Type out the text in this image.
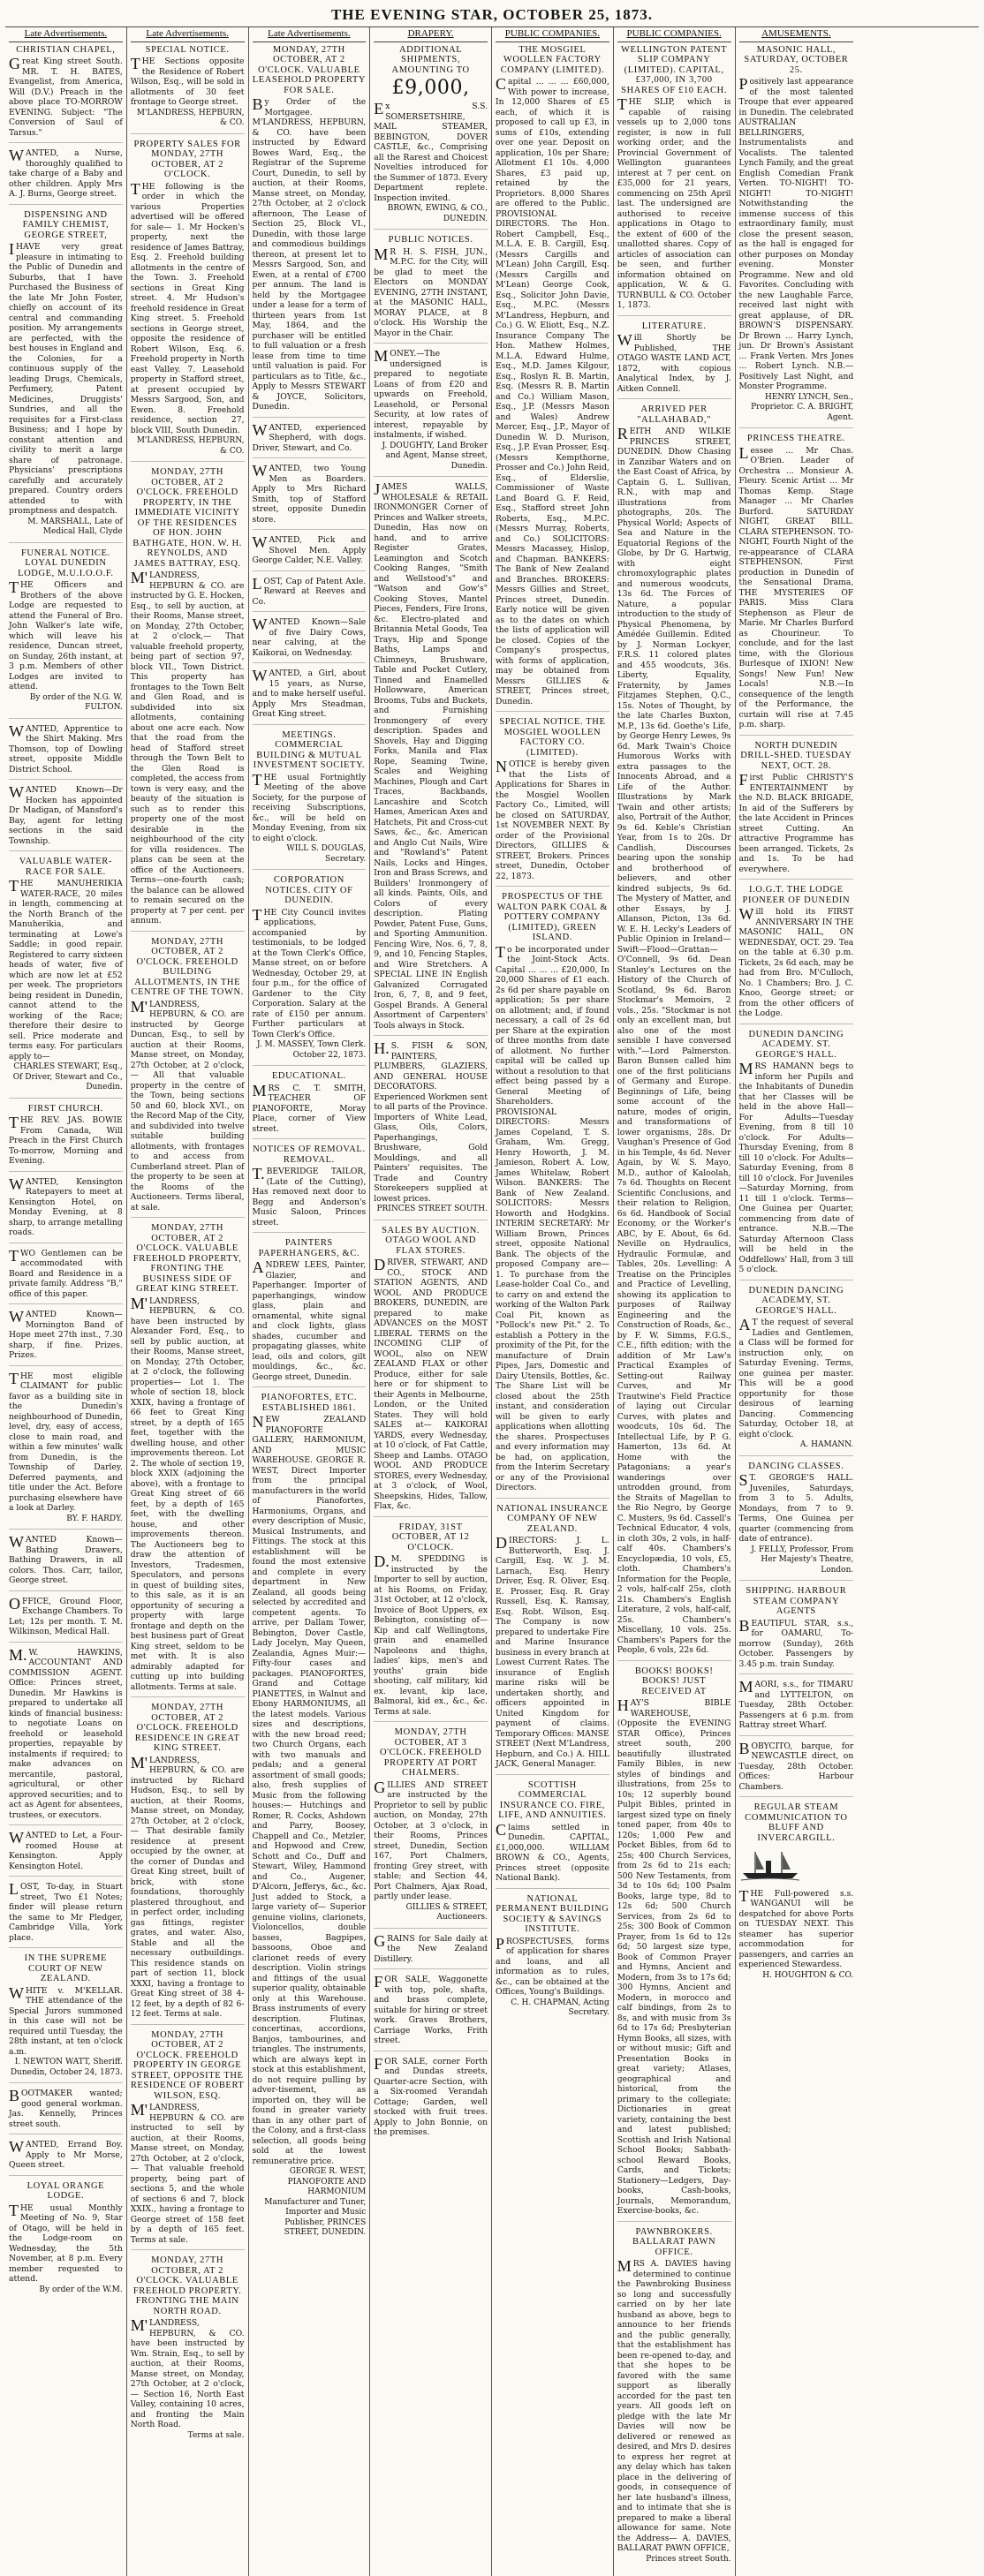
THE EVENING STAR, OCTOBER 25, 1873.
Late Advertisements.
CHRISTIAN CHAPEL,
Great King street South. MR. T. H. BATES, Evangelist, from America, Will (D.V.) Preach in the above place TO-MORROW EVENING. Subject: "The Conversion of Saul of Tarsus."
WANTED, a Nurse, thoroughly qualified to take charge of a Baby and other children. Apply Mrs A. J. Burns, George street.
DISPENSING AND FAMILY CHEMIST, GEORGE STREET,
IHAVE very great pleasure in intimating to the Public of Dunedin and Suburbs, that I have Purchased the Business of the late Mr John Foster, chiefly on account of its central and commanding position. My arrangements are perfected, with the best houses in England and the Colonies, for a continuous supply of the leading Drugs, Chemicals, Perfumery, Patent Medicines, Druggists' Sundries, and all the requisites for a First-class Business; and I hope by constant attention and civility to merit a large share of patronage. Physicians' prescriptions carefully and accurately prepared. Country orders attended to with promptness and despatch.
M. MARSHALL, Late of Medical Hall, Clyde
FUNERAL NOTICE. LOYAL DUNEDIN LODGE, M.U.I.O.O.F.
THE Officers and Brothers of the above Lodge are requested to attend the Funeral of Bro. John Walker's late wife, which will leave his residence, Duncan street, on Sunday, 26th instant, at 3 p.m. Members of other Lodges are invited to attend.
By order of the N.G. W. FULTON.
WANTED, Apprentice to the Shirt Making. Mrs Thomson, top of Dowling street, opposite Middle District School.
WANTED Known—Dr Hocken has appointed Dr Madigan, of Mansford's Bay, agent for letting sections in the said Township.
VALUABLE WATER-RACE FOR SALE.
THE MANUHERIKIA WATER-RACE, 20 miles in length, commencing at the North Branch of the Manuherikia, and terminating at Lowe's Saddle; in good repair. Registered to carry sixteen heads of water, five of which are now let at £52 per week. The proprietors being resident in Dunedin, cannot attend to the working of the Race; therefore their desire to sell. Price moderate and terms easy. For particulars apply to—
CHARLES STEWART, Esq., Of Driver, Stewart and Co., Dunedin.
FIRST CHURCH.
THE REV. JAS. BOWIE From Canada, Will Preach in the First Church To-morrow, Morning and Evening.
WANTED, Kensington Ratepayers to meet at Kensington Hotel, on Monday Evening, at 8 sharp, to arrange metalling roads.
TWO Gentlemen can be accommodated with Board and Residence in a private family. Address "B," office of this paper.
WANTED Known—Mornington Band of Hope meet 27th inst., 7.30 sharp, if fine. Prizes. Prizes.
THE most eligible CLAIMANT for public favor as a building site in the Dunedin's neighbourhood of Dunedin, level, dry, easy of access, close to main road, and within a few minutes' walk from Dunedin, is the Township of Darley. Deferred payments, and title under the Act. Before purchasing elsewhere have a look at Darley.
BY. F. HARDY.
WANTED Known—Bathing Drawers, Bathing Drawers, in all colors. Thos. Carr, tailor, George street.
OFFICE, Ground Floor, Exchange Chambers. To Let; 12s per month. T. M. Wilkinson, Medical Hall.
M.W. HAWKINS, ACCOUNTANT AND COMMISSION AGENT. Office: Princes street, Dunedin. Mr Hawkins is prepared to undertake all kinds of financial business: to negotiate Loans on freehold or leasehold properties, repayable by instalments if required; to make advances on mercantile, pastoral, agricultural, or other approved securities; and to act as Agent for absentees, trustees, or executors.
WANTED to Let, a Four-roomed House at Kensington. Apply Kensington Hotel.
LOST, To-day, in Stuart street, Two £1 Notes; finder will please return the same to Mr Pledger, Cambridge Villa, York place.
IN THE SUPREME COURT OF NEW ZEALAND.
WHITE v. M'KELLAR. THE attendance of the Special Jurors summoned in this case will not be required until Tuesday, the 28th instant, at ten o'clock a.m.
I. NEWTON WATT, Sheriff. Dunedin, October 24, 1873.
BOOTMAKER wanted; good general workman. Jas. Kennelly, Princes street south.
WANTED, Errand Boy. Apply to Mr Morse, Queen street.
LOYAL ORANGE LODGE.
THE usual Monthly Meeting of No. 9, Star of Otago, will be held in the Lodge-room on Wednesday, the 5th November, at 8 p.m. Every member requested to attend.
By order of the W.M.
Late Advertisements.
SPECIAL NOTICE.
THE Sections opposite the Residence of Robert Wilson, Esq., will be sold in allotments of 30 feet frontage to George street.
M'LANDRESS, HEPBURN, & CO.
PROPERTY SALES FOR MONDAY, 27TH OCTOBER, AT 2 O'CLOCK.
THE following is the order in which the various Properties advertised will be offered for sale— 1. Mr Hocken's property, next the residence of James Battray, Esq. 2. Freehold building allotments in the centre of the Town. 3. Freehold sections in Great King street. 4. Mr Hudson's freehold residence in Great King street. 5. Freehold sections in George street, opposite the residence of Robert Wilson, Esq. 6. Freehold property in North east Valley. 7. Leasehold property in Stafford street, at present occupied by Messrs Sargood, Son, and Ewen. 8. Freehold residence, section 27, block VIII, South Dunedin.
M'LANDRESS, HEPBURN, & CO.
MONDAY, 27TH OCTOBER, AT 2 O'CLOCK. FREEHOLD PROPERTY, IN THE IMMEDIATE VICINITY OF THE RESIDENCES OF HON. JOHN BATHGATE, HON. W. H. REYNOLDS, AND JAMES BATTRAY, ESQ.
M'LANDRESS, HEPBURN & CO. are instructed by G. E. Hocken, Esq., to sell by auction, at their Rooms, Manse street, on Monday, 27th October, at 2 o'clock,— That valuable freehold property, being part of section 97, block VII., Town District. This property has frontages to the Town Belt and Glen Road, and is subdivided into six allotments, containing about one acre each. Now that the road from the head of Stafford street through the Town Belt to the Glen Road is completed, the access from town is very easy, and the beauty of the situation is such as to render this property one of the most desirable in the neighbourhood of the city for villa residences. The plans can be seen at the office of the Auctioneers. Terms—one-fourth cash; the balance can be allowed to remain secured on the property at 7 per cent. per annum.
MONDAY, 27TH OCTOBER, AT 2 O'CLOCK. FREEHOLD BUILDING ALLOTMENTS, IN THE CENTRE OF THE TOWN.
M'LANDRESS, HEPBURN, & CO. are instructed by George Duncan, Esq., to sell by auction at their Rooms, Manse street, on Monday, 27th October, at 2 o'clock,— All that valuable property in the centre of the Town, being sections 50 and 60, block XVI., on the Record Map of the City, and subdivided into twelve suitable building allotments, with frontages to and access from Cumberland street. Plan of the property to be seen at the Rooms of the Auctioneers. Terms liberal, at sale.
MONDAY, 27TH OCTOBER, AT 2 O'CLOCK. VALUABLE FREEHOLD PROPERTY, FRONTING THE BUSINESS SIDE OF GREAT KING STREET.
M'LANDRESS, HEPBURN, & CO. have been instructed by Alexander Ford, Esq., to sell by public auction, at their Rooms, Manse street, on Monday, 27th October, at 2 o'clock, the following properties— Lot 1. The whole of section 18, block XXIX, having a frontage of 66 feet to Great King street, by a depth of 165 feet, together with the dwelling house, and other improvements thereon. Lot 2. The whole of section 19, block XXIX (adjoining the above), with a frontage to Great King street of 66 feet, by a depth of 165 feet, with the dwelling house, and other improvements thereon. The Auctioneers beg to draw the attention of Investors, Tradesmen, Speculators, and persons in quest of building sites, to this sale, as it is an opportunity of securing a property with large frontage and depth on the best business part of Great King street, seldom to be met with. It is also admirably adapted for cutting up into building allotments. Terms at sale.
MONDAY, 27TH OCTOBER, AT 2 O'CLOCK. FREEHOLD RESIDENCE IN GREAT KING STREET.
M'LANDRESS, HEPBURN, & CO. are instructed by Richard Hudson, Esq., to sell by auction, at their Rooms, Manse street, on Monday, 27th October, at 2 o'clock,— That desirable family residence at present occupied by the owner, at the corner of Dundas and Great King street, built of brick, with stone foundations, thoroughly plastered throughout, and in perfect order, including gas fittings, register grates, and water. Also, Stable and all the necessary outbuildings. This residence stands on part of section 11, block XXXI, having a frontage to Great King street of 38 4-12 feet, by a depth of 82 6-12 feet. Terms at sale.
MONDAY, 27TH OCTOBER, AT 2 O'CLOCK. FREEHOLD PROPERTY IN GEORGE STREET, OPPOSITE THE RESIDENCE OF ROBERT WILSON, ESQ.
M'LANDRESS, HEPBURN & CO. are instructed to sell by auction, at their Rooms, Manse street, on Monday, 27th October, at 2 o'clock,— That valuable freehold property, being part of sections 5, and the whole of sections 6 and 7, block XXIX., having a frontage to George street of 158 feet by a depth of 165 feet. Terms at sale.
MONDAY, 27TH OCTOBER, AT 2 O'CLOCK. VALUABLE FREEHOLD PROPERTY. FRONTING THE MAIN NORTH ROAD.
M'LANDRESS, HEPBURN, & CO. have been instructed by Wm. Strain, Esq., to sell by auction, at their Rooms, Manse street, on Monday, 27th October, at 2 o'clock,— Section 16, North East Valley, containing 10 acres, and fronting the Main North Road.
Terms at sale.
Late Advertisements.
MONDAY, 27TH OCTOBER, AT 2 O'CLOCK. VALUABLE LEASEHOLD PROPERTY FOR SALE.
By Order of the Mortgagee. M'LANDRESS, HEPBURN, & CO. have been instructed by Edward Bowes Ward, Esq., the Registrar of the Supreme Court, Dunedin, to sell by auction, at their Rooms, Manse street, on Monday, 27th October, at 2 o'clock afternoon, The Lease of Section 25, Block VI., Dunedin, with those large and commodious buildings thereon, at present let to Messrs Sargood, Son, and Ewen, at a rental of £700 per annum. The land is held by the Mortgagee under a lease for a term of thirteen years from 1st May, 1864, and the purchaser will be entitled to full valuation or a fresh lease from time to time until valuation is paid. For particulars as to Title, &c., Apply to Messrs STEWART & JOYCE, Solicitors, Dunedin.
WANTED, experienced Shepherd, with dogs. Driver, Stewart, and Co.
WANTED, two Young Men as Boarders. Apply to Mrs Richard Smith, top of Stafford street, opposite Dunedin store.
WANTED, Pick and Shovel Men. Apply George Calder, N.E. Valley.
LOST, Cap of Patent Axle. Reward at Reeves and Co.
WANTED Known—Sale of five Dairy Cows, near calving, at the Kaikorai, on Wednesday.
WANTED, a Girl, about 15 years, as Nurse, and to make herself useful. Apply Mrs Steadman, Great King street.
MEETINGS. COMMERCIAL BUILDING & MUTUAL INVESTMENT SOCIETY.
THE usual Fortnightly Meeting of the above Society, for the purpose of receiving Subscriptions, &c., will be held on Monday Evening, from six to eight o'clock.
WILL S. DOUGLAS, Secretary.
CORPORATION NOTICES. CITY OF DUNEDIN.
THE City Council invites applications, accompanied by testimonials, to be lodged at the Town Clerk's Office, Manse street, on or before Wednesday, October 29, at four p.m., for the office of Gardener to the City Corporation. Salary at the rate of £150 per annum. Further particulars at Town Clerk's Office.
J. M. MASSEY, Town Clerk. October 22, 1873.
EDUCATIONAL.
MRS C. T. SMITH, TEACHER OF PIANOFORTE, Moray Place, corner of View street.
NOTICES OF REMOVAL. REMOVAL.
T.BEVERIDGE TAILOR, (Late of the Cutting), Has removed next door to Begg and Anderson's Music Saloon, Princes street.
PAINTERS PAPERHANGERS, &C.
ANDREW LEES, Painter, Glazier, and Paperhanger. Importer of paperhangings, window glass, plain and ornamental, white signal and clock lights, glass shades, cucumber and propagating glasses, white lead, oils and colors, gilt mouldings, &c., &c. George street, Dunedin.
PIANOFORTES, ETC. ESTABLISHED 1861.
NEW ZEALAND PIANOFORTE GALLERY, HARMONIUM, AND MUSIC WAREHOUSE. GEORGE R. WEST, Direct Importer from the principal manufacturers in the world of Pianofortes, Harmoniums, Organs, and every description of Music, Musical Instruments, and Fittings. The stock at this establishment will be found the most extensive and complete in every department in New Zealand, all goods being selected by accredited and competent agents. To arrive, per Dallam Tower, Bebington, Dover Castle, Lady Jocelyn, May Queen, Zealandia, Agnes Muir:— Fifty-four cases and packages. PIANOFORTES, Grand and Cottage PIANETTES, in Walnut and Ebony HARMONIUMS, all the latest models. Various sizes and descriptions, with the new broad reed; two Church Organs, each with two manuals and pedals; and a general assortment of small goods; also, fresh supplies of Music from the following houses:— Hutchings and Romer, R. Cocks, Ashdown and Parry, Boosey, Chappell and Co., Metzler, and Hopwood and Crew, Schott and Co., Duff and Stewart, Wiley, Hammond and Co., Augener, D'Alcorn, Jefferys, &c., &c. Just added to Stock, a large variety of— Superior genuine violins, clarionets, Violoncellos, double basses, Bagpipes, bassoons, Oboe and clarionet reeds of every description. Violin strings and fittings of the usual superior quality, obtainable only at this Warehouse. Brass instruments of every description. Flutinas, concertinas, accordions, Banjos, tambourines, and triangles. The instruments, which are always kept in stock at this establishment, do not require pulling by adver-tisement, as imported on, they will be found in greater variety than in any other part of the Colony, and a first-class selection, all goods being sold at the lowest remunerative price.
GEORGE R. WEST, PIANOFORTE AND HARMONIUM Manufacturer and Tuner, Importer and Music Publisher, PRINCES STREET, DUNEDIN.
DRAPERY.
ADDITIONAL SHIPMENTS, AMOUNTING TO
£9,000,
Ex S.S. SOMERSETSHIRE, MAIL STEAMER, BEBINGTON, DOVER CASTLE, &c., Comprising all the Rarest and Choicest Novelties introduced for the Summer of 1873. Every Department replete. Inspection invited.
BROWN, EWING, & CO., DUNEDIN.
PUBLIC NOTICES.
MR H. S. FISH, JUN., M.P.C. for the City, will be glad to meet the Electors on MONDAY EVENING, 27TH INSTANT, at the MASONIC HALL, MORAY PLACE, at 8 o'clock. His Worship the Mayor in the Chair.
MONEY.—The undersigned is prepared to negotiate Loans of from £20 and upwards on Freehold, Leasehold, or Personal Security, at low rates of interest, repayable by instalments, if wished.
J. DOUGHTY, Land Broker and Agent, Manse street, Dunedin.
JAMES WALLS, WHOLESALE & RETAIL IRONMONGER Corner of Princes and Walker streets, Dunedin, Has now on hand, and to arrive Register Grates, Leamington and Scotch Cooking Ranges, "Smith and Wellstood's" and "Watson and Gow's" Cooking Stoves, Mantel Pieces, Fenders, Fire Irons, &c. Electro-plated and Britannia Metal Goods, Tea Trays, Hip and Sponge Baths, Lamps and Chimneys, Brushware, Table and Pocket Cutlery, Tinned and Enamelled Hollowware, American Brooms, Tubs and Buckets, and Furnishing Ironmongery of every description. Spades and Shovels, Hay and Digging Forks, Manila and Flax Rope, Seaming Twine, Scales and Weighing Machines, Plough and Cart Traces, Backbands, Lancashire and Scotch Hames, American Axes and Hatchets, Pit and Cross-cut Saws, &c., &c. American and Anglo Cut Nails, Wire and "Rowland's" Patent Nails, Locks and Hinges, Iron and Brass Screws, and Builders' Ironmongery of all kinds. Paints, Oils, and Colors of every description. Plating Powder, Patent Fuse, Guns, and Sporting Ammunition. Fencing Wire, Nos. 6, 7, 8, 9, and 10, Fencing Staples, and Wire Stretchers. A SPECIAL LINE IN English Galvanized Corrugated Iron, 6, 7, 8, and 9 feet, Gospel Brands. A General Assortment of Carpenters' Tools always in Stock.
H.S. FISH & SON, PAINTERS, PLUMBERS, GLAZIERS, AND GENERAL HOUSE DECORATORS. Experienced Workmen sent to all parts of the Province. Importers of White Lead, Glass, Oils, Colors, Paperhangings, Brushware, Gold Mouldings, and all Painters' requisites. The Trade and Country Storekeepers supplied at lowest prices.
PRINCES STREET SOUTH.
SALES BY AUCTION. OTAGO WOOL AND FLAX STORES.
DRIVER, STEWART, AND CO., STOCK AND STATION AGENTS, AND WOOL AND PRODUCE BROKERS, DUNEDIN, are prepared to make ADVANCES on the MOST LIBERAL TERMS on the INCOMING CLIP of WOOL, also on NEW ZEALAND FLAX or other Produce, either for sale here or for shipment to their Agents in Melbourne, London, or the United States. They will hold SALES at— KAIKORAI YARDS, every Wednesday, at 10 o'clock, of Fat Cattle, Sheep and Lambs. OTAGO WOOL AND PRODUCE STORES, every Wednesday, at 3 o'clock, of Wool, Sheepskins, Hides, Tallow, Flax, &c.
FRIDAY, 31ST OCTOBER, AT 12 O'CLOCK.
D.M. SPEDDING is instructed by the Importer to sell by auction, at his Rooms, on Friday, 31st October, at 12 o'clock, Invoice of Boot Uppers, ex Bebington, consisting of— Kip and calf Wellingtons, grain and enamelled Napoleons and thighs, ladies' kips, men's and youths' grain bide shooting, calf military, kid ex. levant, kip lace, Balmoral, kid ex., &c., &c. Terms at sale.
MONDAY, 27TH OCTOBER, AT 3 O'CLOCK. FREEHOLD PROPERTY AT PORT CHALMERS.
GILLIES AND STREET are instructed by the Proprietor to sell by public auction, on Monday, 27th October, at 3 o'clock, in their Rooms, Princes street, Dunedin, Section 167, Port Chalmers, fronting Grey street, with stable; and Section 44, Port Chalmers, Ajax Road, partly under lease.
GILLIES & STREET, Auctioneers.
GRAINS for Sale daily at the New Zealand Distillery.
FOR SALE, Waggonette with top, pole, shafts, and brass complete, suitable for hiring or street work. Graves Brothers, Carriage Works, Frith street.
FOR SALE, corner Forth and Dundas streets, Quarter-acre Section, with a Six-roomed Verandah Cottage; Garden, well stocked with fruit trees. Apply to John Bonnie, on the premises.
PUBLIC COMPANIES.
THE MOSGIEL WOOLLEN FACTORY COMPANY (LIMITED).
Capital ... ... ... £60,000, With power to increase, In 12,000 Shares of £5 each, of which it is proposed to call up £3, in sums of £10s, extending over one year. Deposit on application, 10s per Share; Allotment £1 10s. 4,000 Shares, £3 paid up, retained by the Proprietors. 8,000 Shares are offered to the Public. PROVISIONAL DIRECTORS. The Hon. Robert Campbell, Esq., M.L.A. E. B. Cargill, Esq. (Messrs Cargills and M'Lean) John Cargill, Esq. (Messrs Cargills and M'Lean) George Cook, Esq., Solicitor John Davie, Esq., M.P.C. (Messrs M'Landress, Hepburn, and Co.) G. W. Eliott, Esq., N.Z. Insurance Company The Hon. Mathew Holmes, M.L.A. Edward Hulme, Esq., M.D. James Kilgour, Esq., Roslyn R. B. Martin, Esq. (Messrs R. B. Martin and Co.) William Mason, Esq., J.P. (Messrs Mason and Wales) Andrew Mercer, Esq., J.P., Mayor of Dunedin W. D. Murison, Esq., J.P. Evan Prosser, Esq. (Messrs Kempthorne, Prosser and Co.) John Reid, Esq., of Elderslie, Commissioner of Waste Land Board G. F. Reid, Esq., Stafford street John Roberts, Esq., M.P.C. (Messrs Murray, Roberts, and Co.) SOLICITORS: Messrs Macassey, Hislop, and Chapman. BANKERS: The Bank of New Zealand and Branches. BROKERS: Messrs Gillies and Street, Princes street, Dunedin. Early notice will be given as to the dates on which the lists of application will be closed. Copies of the Company's prospectus, with forms of application, may be obtained from Messrs GILLIES & STREET, Princes street, Dunedin.
SPECIAL NOTICE. THE MOSGIEL WOOLLEN FACTORY CO. (LIMITED).
NOTICE is hereby given that the Lists of Applications for Shares in the Mosgiel Woollen Factory Co., Limited, will be closed on SATURDAY, 1st NOVEMBER NEXT. By order of the Provisional Directors, GILLIES & STREET, Brokers. Princes street, Dunedin, October 22, 1873.
PROSPECTUS OF THE WALTON PARK COAL & POTTERY COMPANY (LIMITED), GREEN ISLAND.
To be incorporated under the Joint-Stock Acts. Capital ... ... ... £20,000, In 20,000 Shares of £1 each. 2s 6d per share payable on application; 5s per share on allotment; and, if found necessary, a call of 2s 6d per Share at the expiration of three months from date of allotment. No further capital will be called up without a resolution to that effect being passed by a General Meeting of Shareholders. PROVISIONAL DIRECTORS: Messrs James Copeland, T. S. Graham, Wm. Gregg, Henry Howorth, J. M. Jamieson, Robert A. Low, James Whitelaw, Robert Wilson. BANKERS: The Bank of New Zealand. SOLICITORS: Messrs Howorth and Hodgkins. INTERIM SECRETARY: Mr William Brown, Princes street, opposite National Bank. The objects of the proposed Company are— 1. To purchase from the Lease-holder Coal Co., and to carry on and extend the working of the Walton Park Coal Pit, known as "Pollock's new Pit." 2. To establish a Pottery in the proximity of the Pit, for the manufacture of Drain Pipes, Jars, Domestic and Dairy Utensils, Bottles, &c. The Share List will be closed about the 25th instant, and consideration will be given to early applications when allotting the shares. Prospectuses and every information may be had, on application, from the Interim Secretary or any of the Provisional Directors.
NATIONAL INSURANCE COMPANY OF NEW ZEALAND.
DIRECTORS: J. L. Butterworth, Esq. J. Cargill, Esq. W. J. M. Larnach, Esq. Henry Driver, Esq. R. Oliver, Esq. E. Prosser, Esq. R. Gray Russell, Esq. K. Ramsay, Esq. Robt. Wilson, Esq. The Company is now prepared to undertake Fire and Marine Insurance business in every branch at Lowest Current Rates. The insurance of English marine risks will be undertaken shortly, and officers appointed in United Kingdom for payment of claims. Temporary Offices: MANSE STREET (Next M'Landress, Hepburn, and Co.) A. HILL JACK, General Manager.
SCOTTISH COMMERCIAL INSURANCE CO. FIRE, LIFE, AND ANNUITIES.
Claims settled in Dunedin. CAPITAL, £1,000,000. WILLIAM BROWN & CO., Agents, Princes street (opposite National Bank).
NATIONAL PERMANENT BUILDING SOCIETY & SAVINGS INSTITUTE.
PROSPECTUSES, forms of application for shares and loans, and all information as to rules, &c., can be obtained at the Offices, Young's Buildings.
C. H. CHAPMAN, Acting Secretary.
PUBLIC COMPANIES.
WELLINGTON PATENT SLIP COMPANY (LIMITED). CAPITAL, £37,000, IN 3,700 SHARES OF £10 EACH.
THE SLIP, which is capable of raising vessels up to 2,000 tons register, is now in full working order, and the Provincial Government of Wellington guarantees interest at 7 per cent. on £35,000 for 21 years, commencing on 25th April last. The undersigned are authorised to receive applications in Otago to the extent of 600 of the unallotted shares. Copy of articles of association can be seen, and further information obtained on application, W. & G. TURNBULL & CO. October 1, 1873.
LITERATURE.
Will Shortly be Published, THE OTAGO WASTE LAND ACT, 1872, with copious Analytical Index, by J. Aitken Connell.
ARRIVED PER "ALLAHABAD,"
REITH AND WILKIE PRINCES STREET, DUNEDIN. Dhow Chasing in Zanzibar Waters and on the East Coast of Africa, by Captain G. L. Sullivan, R.N., with map and illustrations from photographs, 20s. The Physical World; Aspects of Sea and Nature in the Equatorial Regions of the Globe, by Dr G. Hartwig, with eight chromoxylographic plates and numerous woodcuts, 13s 6d. The Forces of Nature, a popular introduction to the study of Physical Phenomena, by Amédée Guillemin. Edited by J. Norman Lockyer, F.R.S. 11 colored plates and 455 woodcuts, 36s. Liberty, Equality, Fraternity, by James Fitzjames Stephen, Q.C., 15s. Notes of Thought, by the late Charles Buxton, M.P., 13s 6d. Goethe's Life, by George Henry Lewes, 9s 6d. Mark Twain's Choice Humorous Works with extra passages to the Innocents Abroad, and a Life of the Author. Illustrations by Mark Twain and other artists; also, Portrait of the Author, 9s 6d. Keble's Christian Year, from 1s to 20s. Dr Candlish, Discourses bearing upon the sonship and brotherhood of believers, and other kindred subjects, 9s 6d. The Mystery of Matter, and other Essays, by J. Allanson, Picton, 13s 6d. W. E. H. Lecky's Leaders of Public Opinion in Ireland—Swift—Flood—Grattan—O'Connell, 9s 6d. Dean Stanley's Lectures on the History of the Church of Scotland, 9s 6d. Baron Stockmar's Memoirs, 2 vols., 25s. "Stockmar is not only an excellent man, but also one of the most sensible I have conversed with."—Lord Palmerston. Baron Bunsen called him one of the first politicians of Germany and Europe. Beginnings of Life, being some account of the nature, modes of origin, and transformations of lower organisms, 28s. Dr Vaughan's Presence of God in his Temple, 4s 6d. Never Again, by W. S. Mayo, M.D., author of Kaloolah, 7s 6d. Thoughts on Recent Scientific Conclusions, and their relation to Religion, 6s 6d. Handbook of Social Economy, or the Worker's ABC, by E. About, 6s 6d. Neville on Hydraulics, Hydraulic Formulæ, and Tables, 20s. Levelling: A Treatise on the Principles and Practice of Levelling, showing its application to purposes of Railway Engineering and the Construction of Roads, &c., by F. W. Simms, F.G.S., C.E., fifth edition; with the addition of Mr Law's Practical Examples of Setting-out Railway Curves, and Mr Trautwine's Field Practice of laying out Circular Curves, with plates and woodcuts, 10s 6d. The Intellectual Life, by P. G. Hamerton, 13s 6d. At Home with the Patagonians; a year's wanderings over untrodden ground, from the Straits of Magellan to the Rio Negro, by George C. Musters, 9s 6d. Cassell's Technical Educator, 4 vols, in cloth 30s, 2 vols, in half-calf 40s. Chambers's Encyclopædia, 10 vols, £5, cloth. Chambers's Information for the People, 2 vols, half-calf 25s, cloth 21s. Chambers's English Literature, 2 vols, half-calf, 25s. Chambers's Miscellany, 10 vols. 25s. Chambers's Papers for the People, 6 vols, 22s 6d.
BOOKS! BOOKS! BOOKS! JUST RECEIVED AT
HAY'S BIBLE WAREHOUSE, (Opposite the EVENING STAR Office), Princes street south, 200 beautifully illustrated Family Bibles, in new styles of bindings and illustrations, from 25s to 10s; 12 superbly bound Pulpit Bibles, printed in largest sized type on finely toned paper, from 40s to 120s; 1,000 Pew and Pocket Bibles, from 6d to 25s; 400 Church Services, from 2s 6d to 21s each; 500 New Testaments, from 3d to 10s 6d; 100 Psalm Books, large type, 8d to 12s 6d; 500 Church Services, from 2s 6d to 25s; 300 Book of Common Prayer, from 1s 6d to 12s 6d; 50 largest size type, Book of Common Prayer and Hymns, Ancient and Modern, from 3s to 17s 6d; 300 Hymns, Ancient and Modern, in morocco and calf bindings, from 2s to 8s, and with music from 3s 6d to 17s 6d; Presbyterian Hymn Books, all sizes, with or without music; Gift and Presentation Books in great variety; Atlases, geographical and historical, from the primary to the collegiate; Dictionaries in great variety, containing the best and latest published; Scottish and Irish National School Books; Sabbath-school Reward Books, Cards, and Tickets; Stationery—Ledgers, Day-books, Cash-books, Journals, Memorandum, Exercise-books, &c.
PAWNBROKERS. BALLARAT PAWN OFFICE.
MRS A. DAVIES having determined to continue the Pawnbroking Business so long and successfully carried on by her late husband as above, begs to announce to her friends and the public generally, that the establishment has been re-opened to-day, and that she hopes to be favored with the same support as liberally accorded for the past ten years. All goods left on pledge with the late Mr Davies will now be delivered or renewed as desired, and Mrs D. desires to express her regret at any delay which has taken place in the delivering of goods, in consequence of her late husband's illness, and to intimate that she is prepared to make a liberal allowance for same. Note the Address— A. DAVIES, BALLARAT PAWN OFFICE,
Princes street South.
AMUSEMENTS.
MASONIC HALL, SATURDAY, OCTOBER 25.
Positively last appearance of the most talented Troupe that ever appeared in Dunedin. The celebrated AUSTRALIAN BELLRINGERS, Instrumentalists and Vocalists. The talented Lynch Family, and the great English Comedian Frank Verten. TO-NIGHT! TO-NIGHT! TO-NIGHT! Notwithstanding the immense success of this extraordinary family, must close the present season, as the hall is engaged for other purposes on Monday evening. Monster Programme. New and old Favorites. Concluding with the new Laughable Farce, received last night with great applause, of DR. BROWN'S DISPENSARY. Dr Brown ... Harry Lynch, jun. Dr Brown's Assistant ... Frank Verten. Mrs Jones ... Robert Lynch. N.B.—Positively Last Night, and Monster Programme.
HENRY LYNCH, Sen., Proprietor. C. A. BRIGHT, Agent.
PRINCESS THEATRE.
Lessee ... Mr Chas. O'Brien. Leader of Orchestra ... Monsieur A. Fleury. Scenic Artist ... Mr Thomas Kemp. Stage Manager ... Mr Charles Burford. SATURDAY NIGHT, GREAT BILL. CLARA STEPHENSON. TO-NIGHT, Fourth Night of the re-appearance of CLARA STEPHENSON. First production in Dunedin of the Sensational Drama, THE MYSTERIES OF PARIS. Miss Clara Stephenson as Fleur de Marie. Mr Charles Burford as Chourineur. To conclude, and for the last time, with the Glorious Burlesque of IXION! New Songs! New Fun! New Locals! N.B.—In consequence of the length of the Performance, the curtain will rise at 7.45 p.m. sharp.
NORTH DUNEDIN DRILL-SHED. TUESDAY NEXT, OCT. 28.
First Public CHRISTY'S ENTERTAINMENT by the N.D. BLACK BRIGADE, In aid of the Sufferers by the late Accident in Princes street Cutting. An attractive Programme has been arranged. Tickets, 2s and 1s. To be had everywhere.
I.O.G.T. THE LODGE PIONEER OF DUNEDIN
Will hold its FIRST ANNIVERSARY IN THE MASONIC HALL, ON WEDNESDAY, OCT. 29. Tea on the table at 6.30 p.m. Tickets, 2s 6d each, may be had from Bro. M'Culloch, No. 1 Chambers; Bro. J. C. Knoo, George street; or from the other officers of the Lodge.
DUNEDIN DANCING ACADEMY. ST. GEORGE'S HALL.
MRS HAMANN begs to inform her Pupils and the Inhabitants of Dunedin that her Classes will be held in the above Hall— For Adults—Tuesday Evening, from 8 till 10 o'clock. For Adults—Thursday Evening, from 8 till 10 o'clock. For Adults—Saturday Evening, from 8 till 10 o'clock. For Juveniles—Saturday Morning, from 11 till 1 o'clock. Terms—One Guinea per Quarter, commencing from date of entrance. N.B.—The Saturday Afternoon Class will be held in the Oddfellows' Hall, from 3 till 5 o'clock.
DUNEDIN DANCING ACADEMY, ST. GEORGE'S HALL.
AT the request of several Ladies and Gentlemen, a Class will be formed for instruction only, on Saturday Evening. Terms, one guinea per master. This will be a good opportunity for those desirous of learning Dancing. Commencing Saturday, October 18, at eight o'clock.
A. HAMANN.
DANCING CLASSES.
ST. GEORGE'S HALL. Juveniles, Saturdays, from 3 to 5. Adults, Mondays, from 7 to 9. Terms, One Guinea per quarter (commencing from date of entrance).
J. FELLY, Professor, From Her Majesty's Theatre, London.
SHIPPING. HARBOUR STEAM COMPANY AGENTS
BEAUTIFUL STAR, s.s., for OAMARU, To-morrow (Sunday), 26th October. Passengers by 3.45 p.m. train Sunday.
MAORI, s.s., for TIMARU and LYTTELTON, on Tuesday, 28th October. Passengers at 6 p.m. from Rattray street Wharf.
BOBYCITO, barque, for NEWCASTLE direct, on Tuesday, 28th October. Offices: Harbour Chambers.
REGULAR STEAM COMMUNICATION TO BLUFF AND INVERCARGILL.
THE Full-powered s.s. WANGANUI will be despatched for above Ports on TUESDAY NEXT. This steamer has superior accommodation for passengers, and carries an experienced Stewardess.
H. HOUGHTON & CO.
